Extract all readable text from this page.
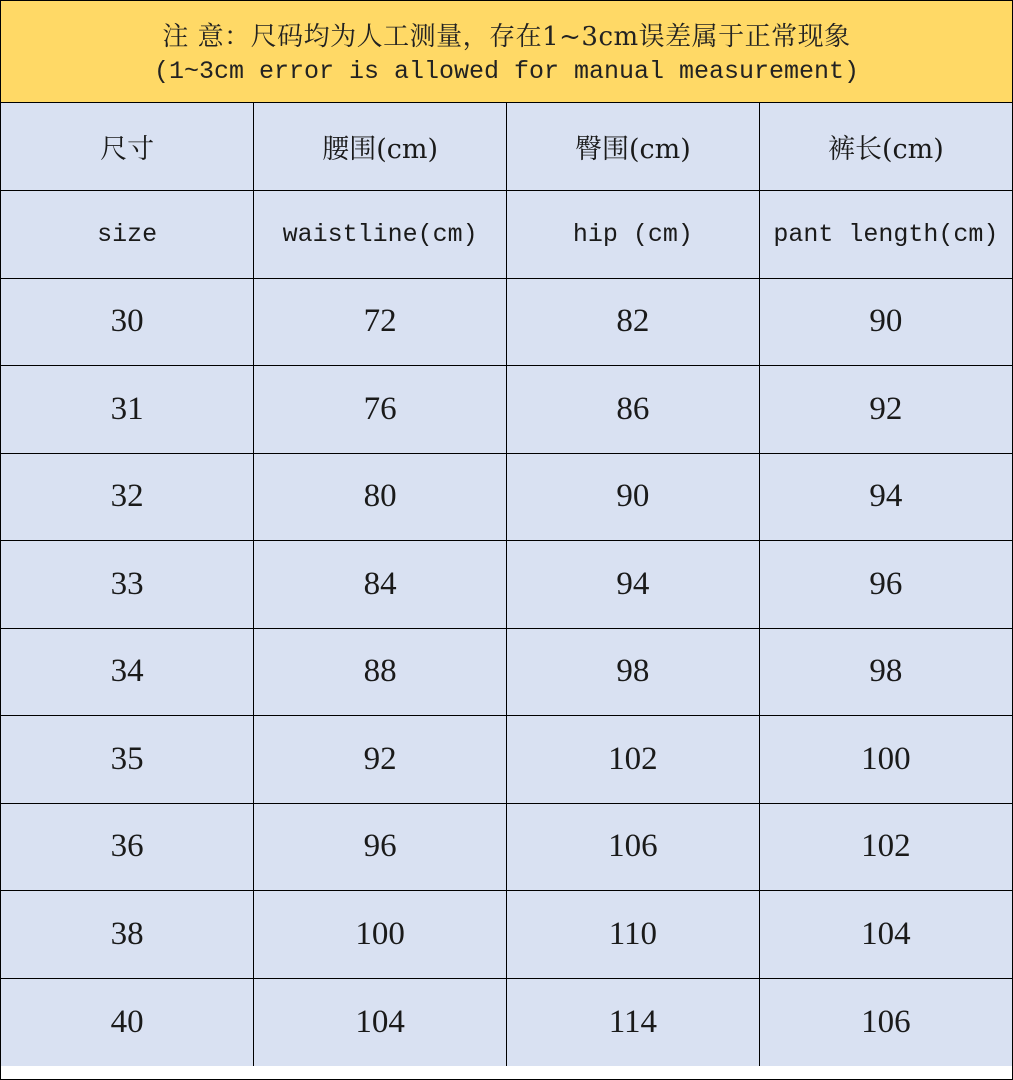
注 意：尺码均为人工测量，存在1~3cm误差属于正常现象
(1~3cm error is allowed for manual measurement)
尺寸	腰围(cm)	臀围(cm)	裤长(cm)
size	waistline(cm)	hip (cm)	pant length(cm)
30	72	82	90
31	76	86	92
32	80	90	94
33	84	94	96
34	88	98	98
35	92	102	100
36	96	106	102
38	100	110	104
40	104	114	106
